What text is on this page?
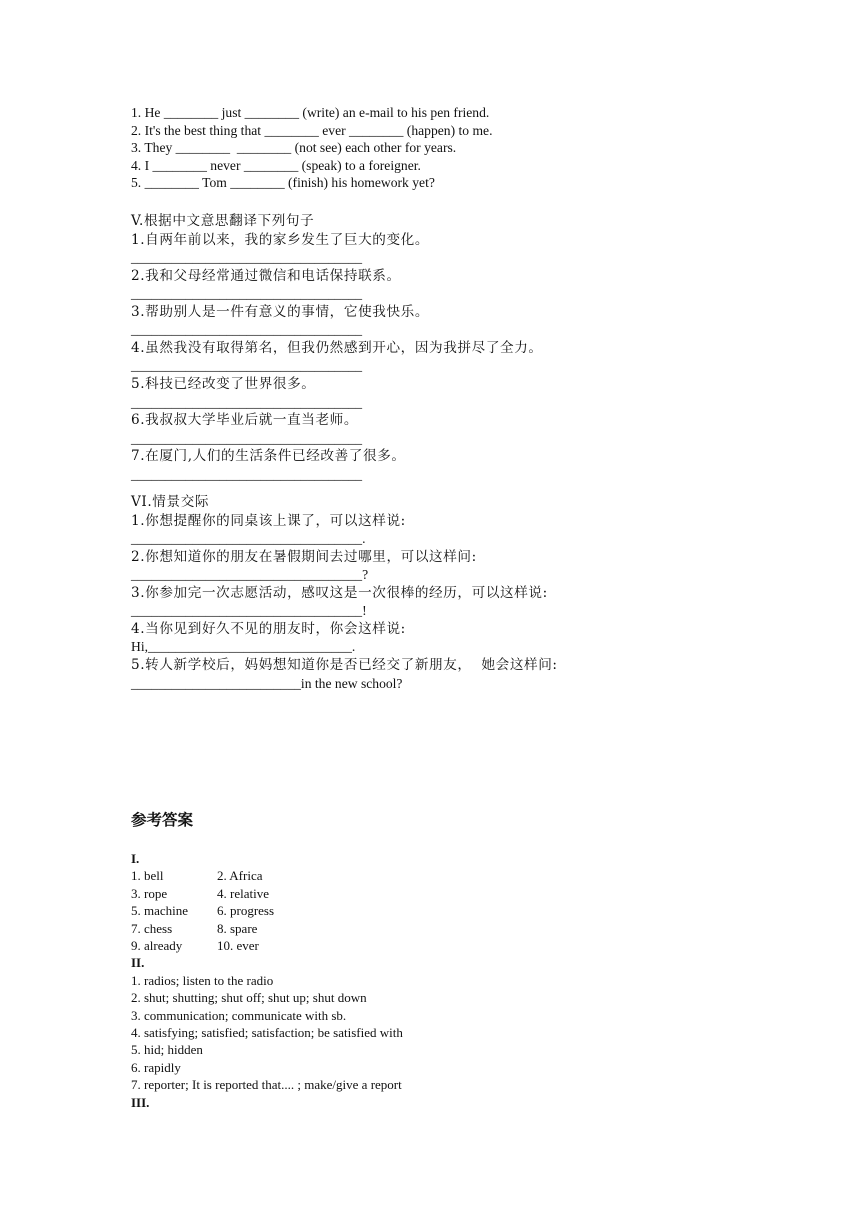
1. He ________ just ________ (write) an e-mail to his pen friend.
2. It's the best thing that ________ ever ________ (happen) to me.
3. They ________  ________ (not see) each other for years.
4. I ________ never ________ (speak) to a foreigner.
5. ________ Tom ________ (finish) his homework yet?
V.根据中文意思翻译下列句子
1.自两年前以来，我的家乡发生了巨大的变化。
__________________________________
2.我和父母经常通过微信和电话保持联系。
__________________________________
3.帮助别人是一件有意义的事情，它使我快乐。
__________________________________
4.虽然我没有取得第名，但我仍然感到开心，因为我拼尽了全力。
__________________________________
5.科技已经改变了世界很多。
__________________________________
6.我叔叔大学毕业后就一直当老师。
__________________________________
7.在厦门,人们的生活条件已经改善了很多。
__________________________________
VI.情景交际
1.你想提醒你的同桌该上课了，可以这样说:
__________________________________.
2.你想知道你的朋友在暑假期间去过哪里，可以这样问:
__________________________________?
3.你参加完一次志愿活动，感叹这是一次很棒的经历，可以这样说:
__________________________________!
4.当你见到好久不见的朋友时，你会这样说:
Hi,______________________________.
5.转人新学校后，妈妈想知道你是否已经交了新朋友，  她会这样问:
_________________________in the new school?
参考答案
I.
1. bell	2. Africa
3. rope	4. relative
5. machine 6. progress
7. chess	8. spare
9. already	10. ever
II.
1. radios; listen to the radio
2. shut; shutting; shut off; shut up; shut down
3. communication; communicate with sb.
4. satisfying; satisfied; satisfaction; be satisfied with
5. hid; hidden
6. rapidly
7. reporter; It is reported that.... ; make/give a report
III.
